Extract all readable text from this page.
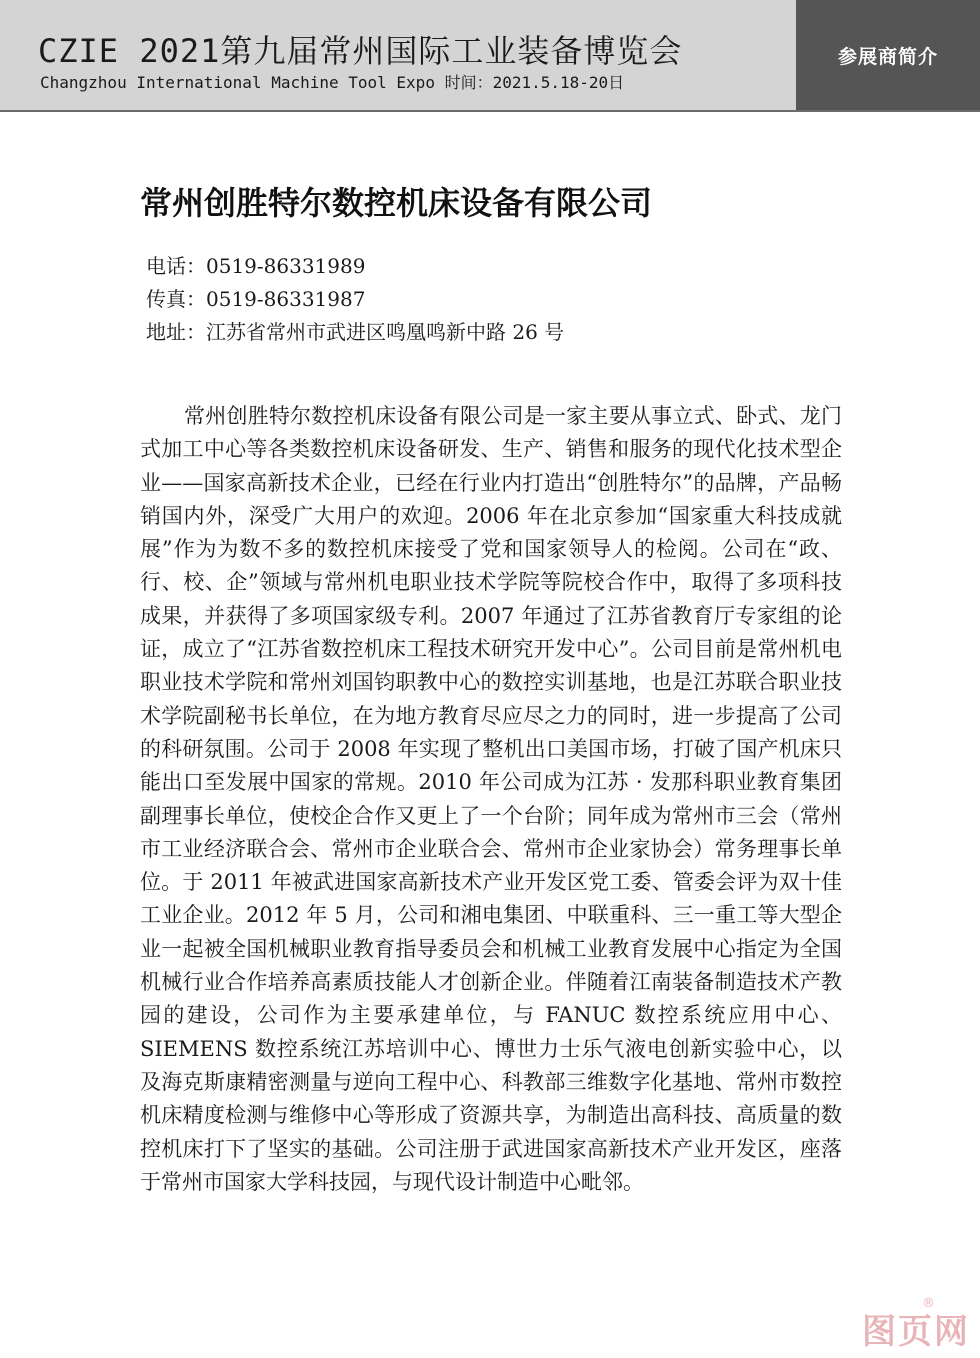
CZIE 2021第九届常州国际工业装备博览会
Changzhou International Machine Tool Expo 时间：2021.5.18-20日
参展商简介
常州创胜特尔数控机床设备有限公司
电话：0519-86331989
传真：0519-86331987
地址：江苏省常州市武进区鸣凰鸣新中路 26 号

常州创胜特尔数控机床设备有限公司是一家主要从事立式、卧式、龙门式加工中心等各类数控机床设备研发、生产、销售和服务的现代化技术型企业——国家高新技术企业，已经在行业内打造出“创胜特尔”的品牌，产品畅销国内外，深受广大用户的欢迎。2006 年在北京参加“国家重大科技成就展”作为为数不多的数控机床接受了党和国家领导人的检阅。公司在“政、行、校、企”领域与常州机电职业技术学院等院校合作中，取得了多项科技成果，并获得了多项国家级专利。2007 年通过了江苏省教育厅专家组的论证，成立了“江苏省数控机床工程技术研究开发中心”。公司目前是常州机电职业技术学院和常州刘国钧职教中心的数控实训基地，也是江苏联合职业技术学院副秘书长单位，在为地方教育尽应尽之力的同时，进一步提高了公司的科研氛围。公司于 2008 年实现了整机出口美国市场，打破了国产机床只能出口至发展中国家的常规。2010 年公司成为江苏 · 发那科职业教育集团副理事长单位，使校企合作又更上了一个台阶；同年成为常州市三会（常州市工业经济联合会、常州市企业联合会、常州市企业家协会）常务理事长单位。于 2011 年被武进国家高新技术产业开发区党工委、管委会评为双十佳工业企业。2012 年 5 月，公司和湘电集团、中联重科、三一重工等大型企业一起被全国机械职业教育指导委员会和机械工业教育发展中心指定为全国机械行业合作培养高素质技能人才创新企业。伴随着江南装备制造技术产教园的建设，公司作为主要承建单位，与 FANUC 数控系统应用中心、SIEMENS 数控系统江苏培训中心、博世力士乐气液电创新实验中心，以及海克斯康精密测量与逆向工程中心、科教部三维数字化基地、常州市数控机床精度检测与维修中心等形成了资源共享，为制造出高科技、高质量的数控机床打下了坚实的基础。公司注册于武进国家高新技术产业开发区，座落于常州市国家大学科技园，与现代设计制造中心毗邻。

图页网
®
